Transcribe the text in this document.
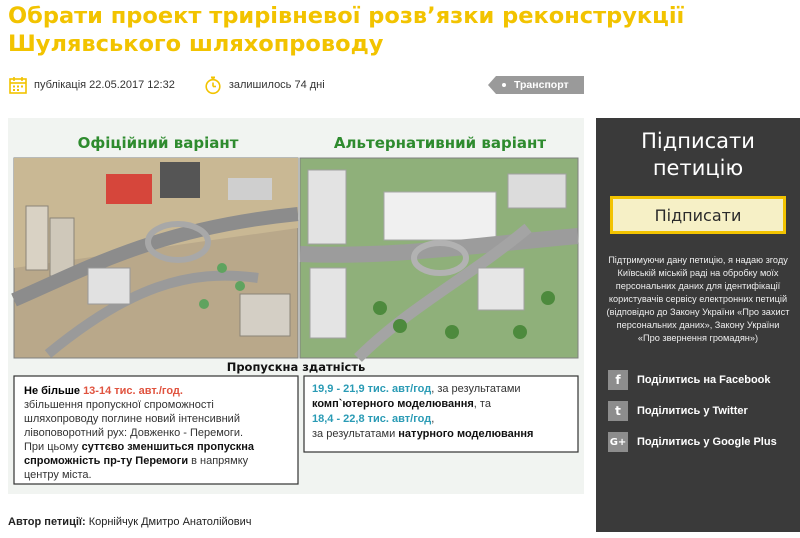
Обрати проект трирівневої розв’язки реконструкції Шулявського шляхопроводу
публікація 22.05.2017 12:32	залишилось 74 дні	Транспорт
Офіційний варіант	Альтернативний варіант
Пропускна здатність
Не більше 13-14 тис. авт./год.
збільшення пропускної спроможності
шляхопроводу поглине новий інтенсивний
лівоповоротний рух: Довженко - Перемоги.
При цьому суттєво зменшиться пропускна
спроможність пр-ту Перемоги в напрямку
центру міста.
19,9 - 21,9 тис. авт/год, за результатами
комп`ютерного моделювання, та
18,4 - 22,8 тис. авт/год,
за результатами натурного моделювання
Автор петиції: Корнійчук Дмитро Анатолійович
Підписати петицію
Підписати

Підтримуючи дану петицію, я надаю згоду Київській міській раді на обробку моїх персональних даних для ідентифікації користувачів сервісу електронних петицій (відповідно до Закону України «Про захист персональних даних», Закону України «Про звернення громадян»)

f	Поділитись на Facebook
t	Поділитись у Twitter
G+ Поділитись у Google Plus
